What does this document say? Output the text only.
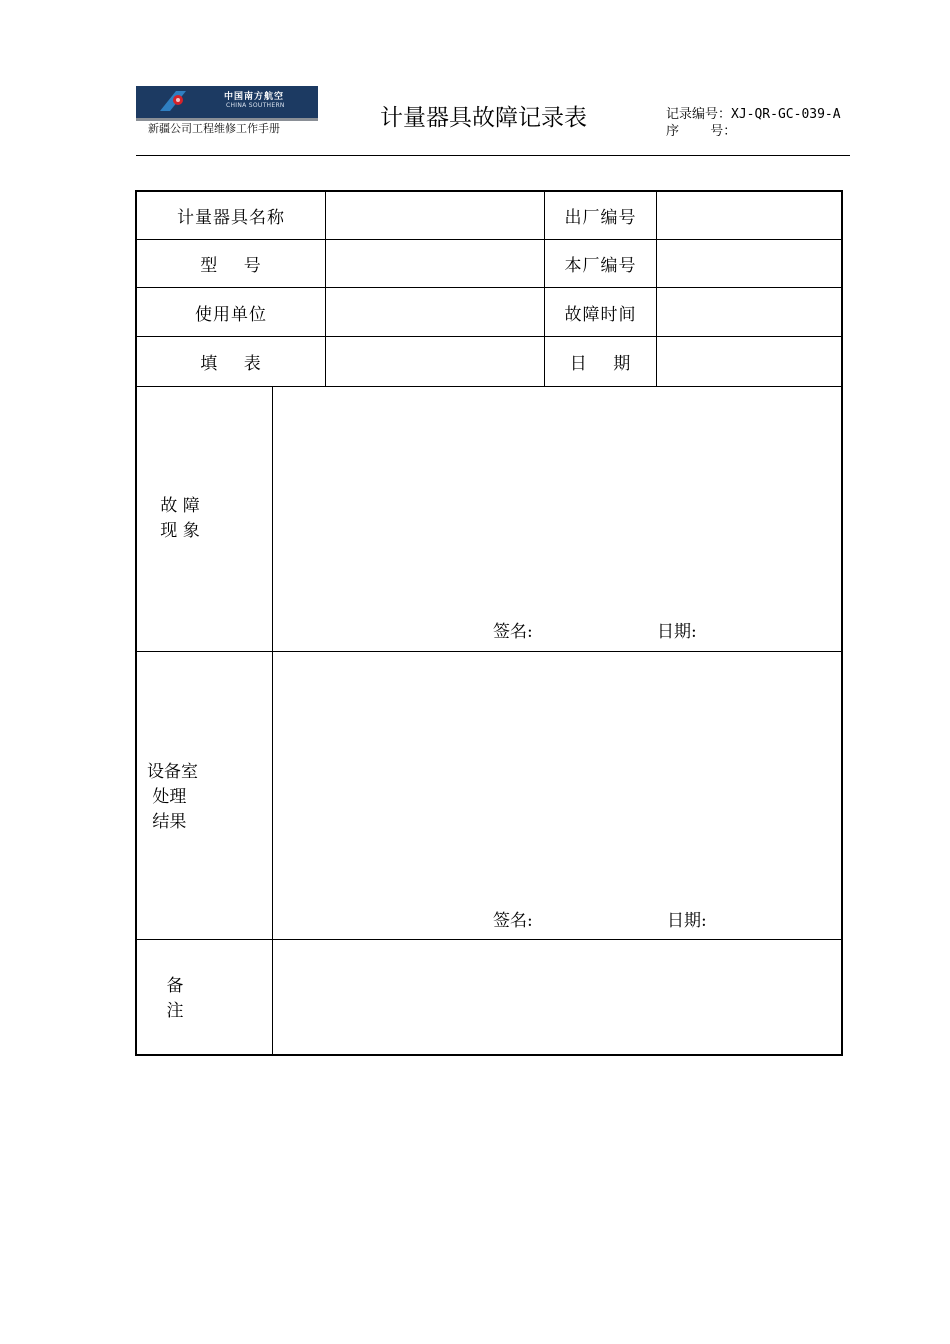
中国南方航空
CHINA SOUTHERN
新疆公司工程维修工作手册	计量器具故障记录表	记录编号：XJ-QR-GC-039-A
序    号：
计量器具名称	出厂编号
型    号	本厂编号
使用单位	故障时间
填    表	日    期
故 障
现 象
签名:	日期:
设备室
处理
结果
签名:	日期:
备
注
